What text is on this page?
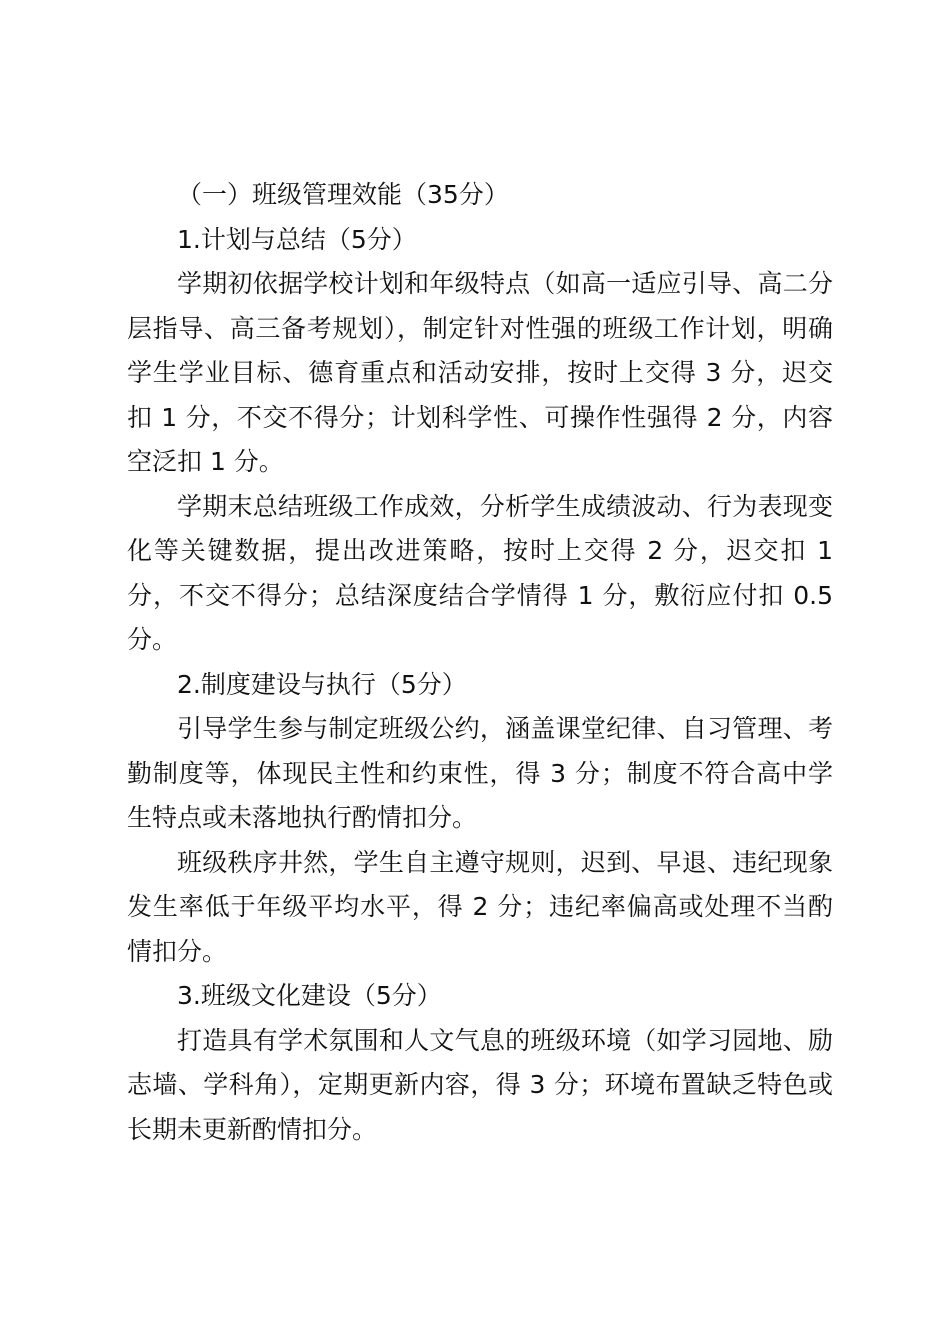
（一）班级管理效能（35分）

1.计划与总结（5分）

学期初依据学校计划和年级特点（如高一适应引导、高二分层指导、高三备考规划），制定针对性强的班级工作计划，明确学生学业目标、德育重点和活动安排，按时上交得 3 分，迟交扣 1 分，不交不得分；计划科学性、可操作性强得 2 分，内容空泛扣 1 分。

学期末总结班级工作成效，分析学生成绩波动、行为表现变化等关键数据，提出改进策略，按时上交得 2 分，迟交扣 1 分，不交不得分；总结深度结合学情得 1 分，敷衍应付扣 0.5 分。

2.制度建设与执行（5分）

引导学生参与制定班级公约，涵盖课堂纪律、自习管理、考勤制度等，体现民主性和约束性，得 3 分；制度不符合高中学生特点或未落地执行酌情扣分。

班级秩序井然，学生自主遵守规则，迟到、早退、违纪现象发生率低于年级平均水平，得 2 分；违纪率偏高或处理不当酌情扣分。

3.班级文化建设（5分）

打造具有学术氛围和人文气息的班级环境（如学习园地、励志墙、学科角），定期更新内容，得 3 分；环境布置缺乏特色或长期未更新酌情扣分。
